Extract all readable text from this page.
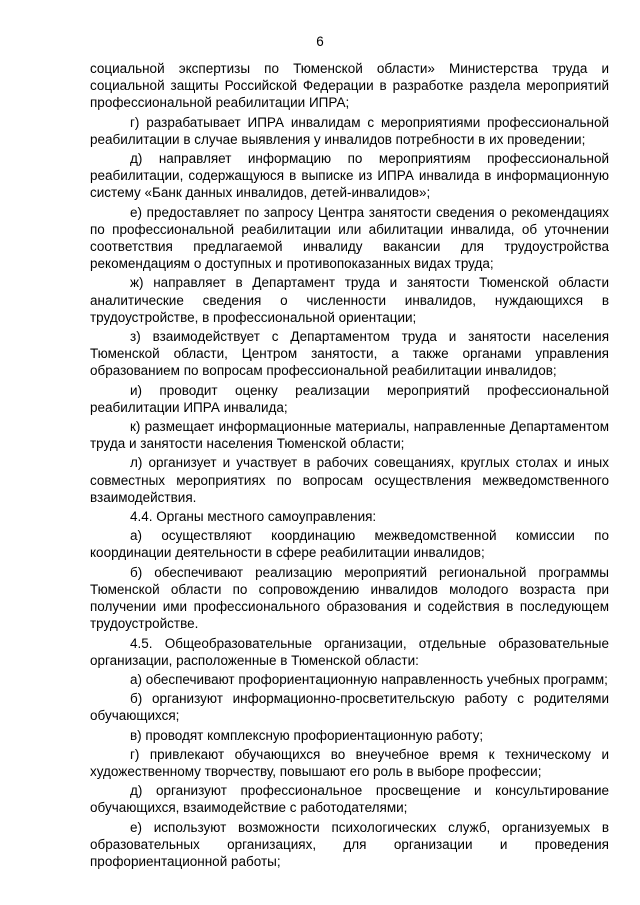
6

социальной экспертизы по Тюменской области» Министерства труда и социальной защиты Российской Федерации в разработке раздела мероприятий профессиональной реабилитации ИПРА;

г) разрабатывает ИПРА инвалидам с мероприятиями профессиональной реабилитации в случае выявления у инвалидов потребности в их проведении;

д) направляет информацию по мероприятиям профессиональной реабилитации, содержащуюся в выписке из ИПРА инвалида в информационную систему «Банк данных инвалидов, детей-инвалидов»;

е) предоставляет по запросу Центра занятости сведения о рекомендациях по профессиональной реабилитации или абилитации инвалида, об уточнении соответствия предлагаемой инвалиду вакансии для трудоустройства рекомендациям о доступных и противопоказанных видах труда;

ж) направляет в Департамент труда и занятости Тюменской области аналитические сведения о численности инвалидов, нуждающихся в трудоустройстве, в профессиональной ориентации;

з) взаимодействует с Департаментом труда и занятости населения Тюменской области, Центром занятости, а также органами управления образованием по вопросам профессиональной реабилитации инвалидов;

и) проводит оценку реализации мероприятий профессиональной реабилитации ИПРА инвалида;

к) размещает информационные материалы, направленные Департаментом труда и занятости населения Тюменской области;

л) организует и участвует в рабочих совещаниях, круглых столах и иных совместных мероприятиях по вопросам осуществления межведомственного взаимодействия.

4.4. Органы местного самоуправления:

а) осуществляют координацию межведомственной комиссии по координации деятельности в сфере реабилитации инвалидов;

б) обеспечивают реализацию мероприятий региональной программы Тюменской области по сопровождению инвалидов молодого возраста при получении ими профессионального образования и содействия в последующем трудоустройстве.

4.5. Общеобразовательные организации, отдельные образовательные организации, расположенные в Тюменской области:

а) обеспечивают профориентационную направленность учебных программ;

б) организуют информационно-просветительскую работу с родителями обучающихся;

в) проводят комплексную профориентационную работу;

г) привлекают обучающихся во внеучебное время к техническому и художественному творчеству, повышают его роль в выборе профессии;

д) организуют профессиональное просвещение и консультирование обучающихся, взаимодействие с работодателями;

е) используют возможности психологических служб, организуемых в образовательных организациях, для организации и проведения профориентационной работы;
